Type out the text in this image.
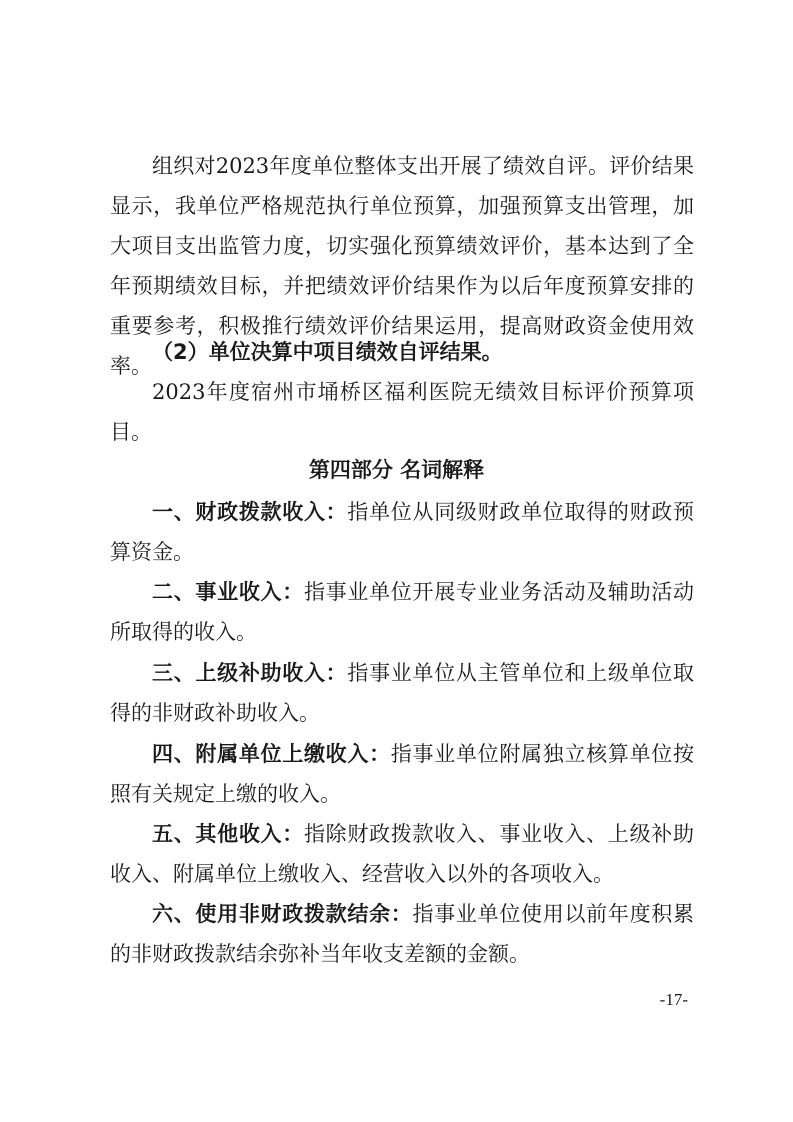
组织对2023年度单位整体支出开展了绩效自评。评价结果显示，我单位严格规范执行单位预算，加强预算支出管理，加大项目支出监管力度，切实强化预算绩效评价，基本达到了全年预期绩效目标，并把绩效评价结果作为以后年度预算安排的重要参考，积极推行绩效评价结果运用，提高财政资金使用效率。

（2）单位决算中项目绩效自评结果。

2023年度宿州市埇桥区福利医院无绩效目标评价预算项目。

第四部分 名词解释

一、财政拨款收入：指单位从同级财政单位取得的财政预算资金。

二、事业收入：指事业单位开展专业业务活动及辅助活动所取得的收入。

三、上级补助收入：指事业单位从主管单位和上级单位取得的非财政补助收入。

四、附属单位上缴收入：指事业单位附属独立核算单位按照有关规定上缴的收入。

五、其他收入：指除财政拨款收入、事业收入、上级补助收入、附属单位上缴收入、经营收入以外的各项收入。

六、使用非财政拨款结余：指事业单位使用以前年度积累的非财政拨款结余弥补当年收支差额的金额。

-17-
